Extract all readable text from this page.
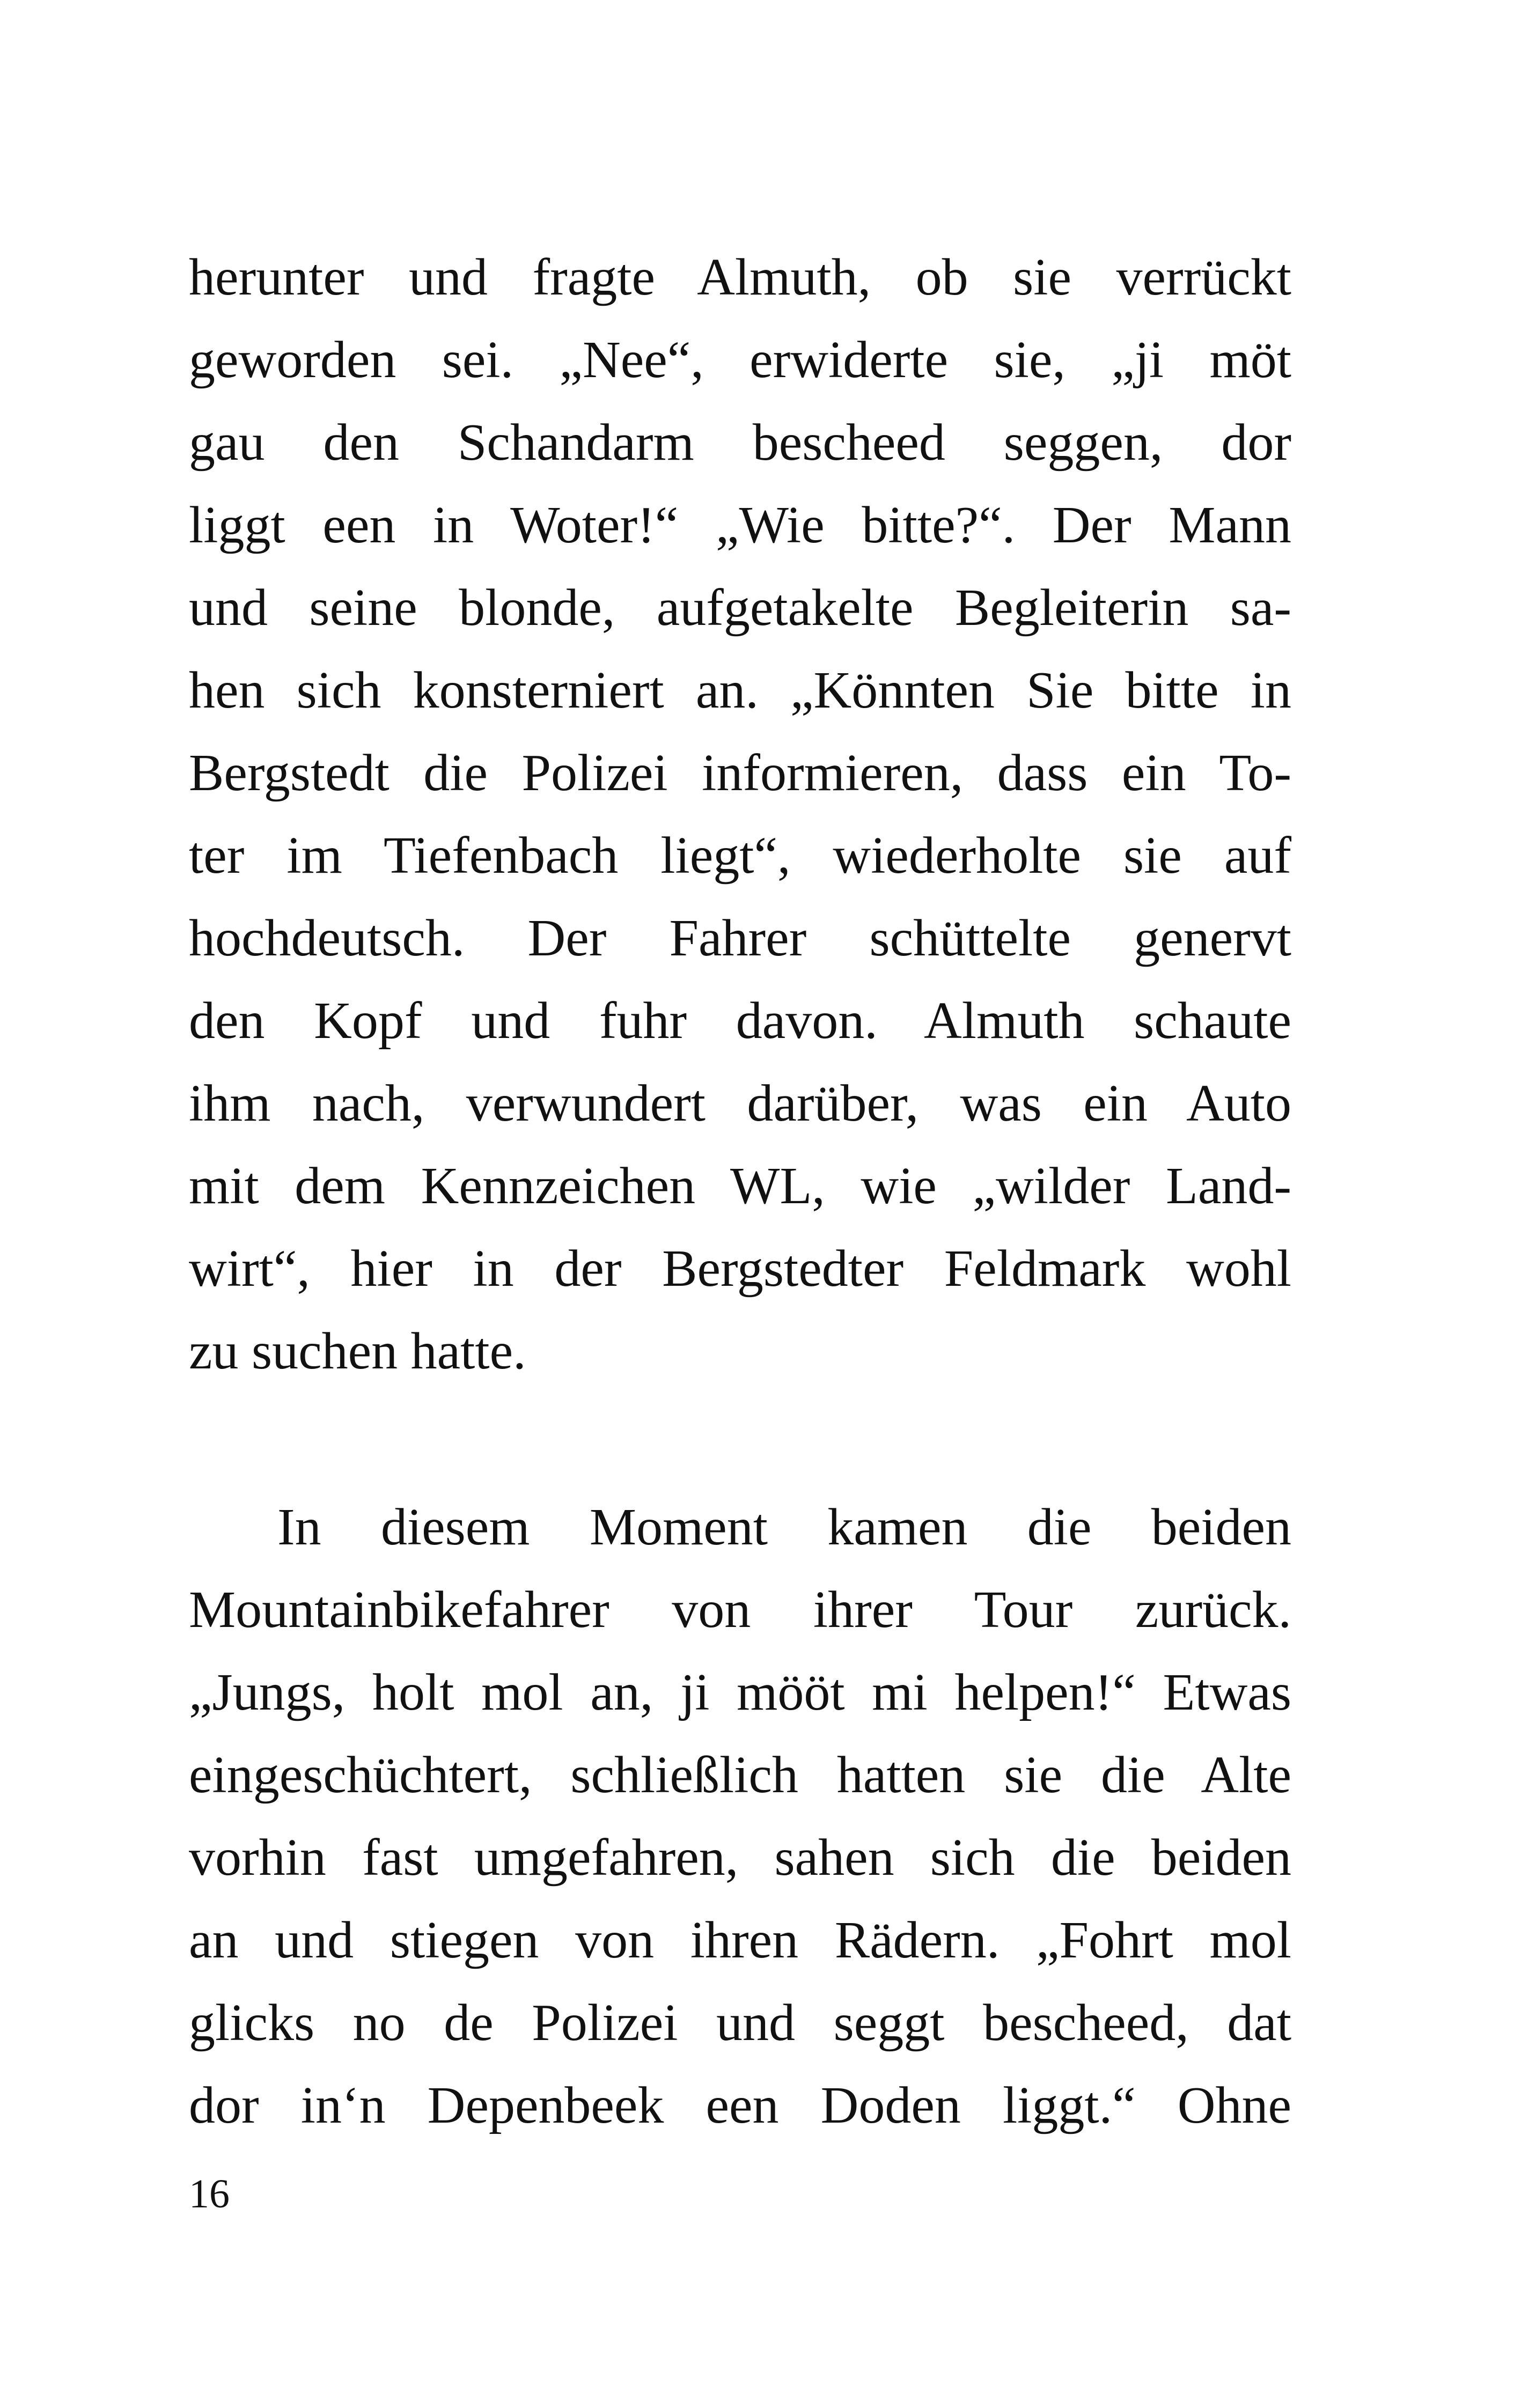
herunter und fragte Almuth, ob sie verrückt
geworden sei. „Nee“, erwiderte sie, „ji möt
gau den Schandarm bescheed seggen, dor
liggt een in Woter!“ „Wie bitte?“. Der Mann
und seine blonde, aufgetakelte Begleiterin sa-
hen sich konsterniert an. „Könnten Sie bitte in
Bergstedt die Polizei informieren, dass ein To-
ter im Tiefenbach liegt“, wiederholte sie auf
hochdeutsch. Der Fahrer schüttelte genervt
den Kopf und fuhr davon. Almuth schaute
ihm nach, verwundert darüber, was ein Auto
mit dem Kennzeichen WL, wie „wilder Land-
wirt“, hier in der Bergstedter Feldmark wohl
zu suchen hatte.
In diesem Moment kamen die beiden
Mountainbikefahrer von ihrer Tour zurück.
„Jungs, holt mol an, ji mööt mi helpen!“ Etwas
eingeschüchtert, schließlich hatten sie die Alte
vorhin fast umgefahren, sahen sich die beiden
an und stiegen von ihren Rädern. „Fohrt mol
glicks no de Polizei und seggt bescheed, dat
dor in‘n Depenbeek een Doden liggt.“ Ohne
16
